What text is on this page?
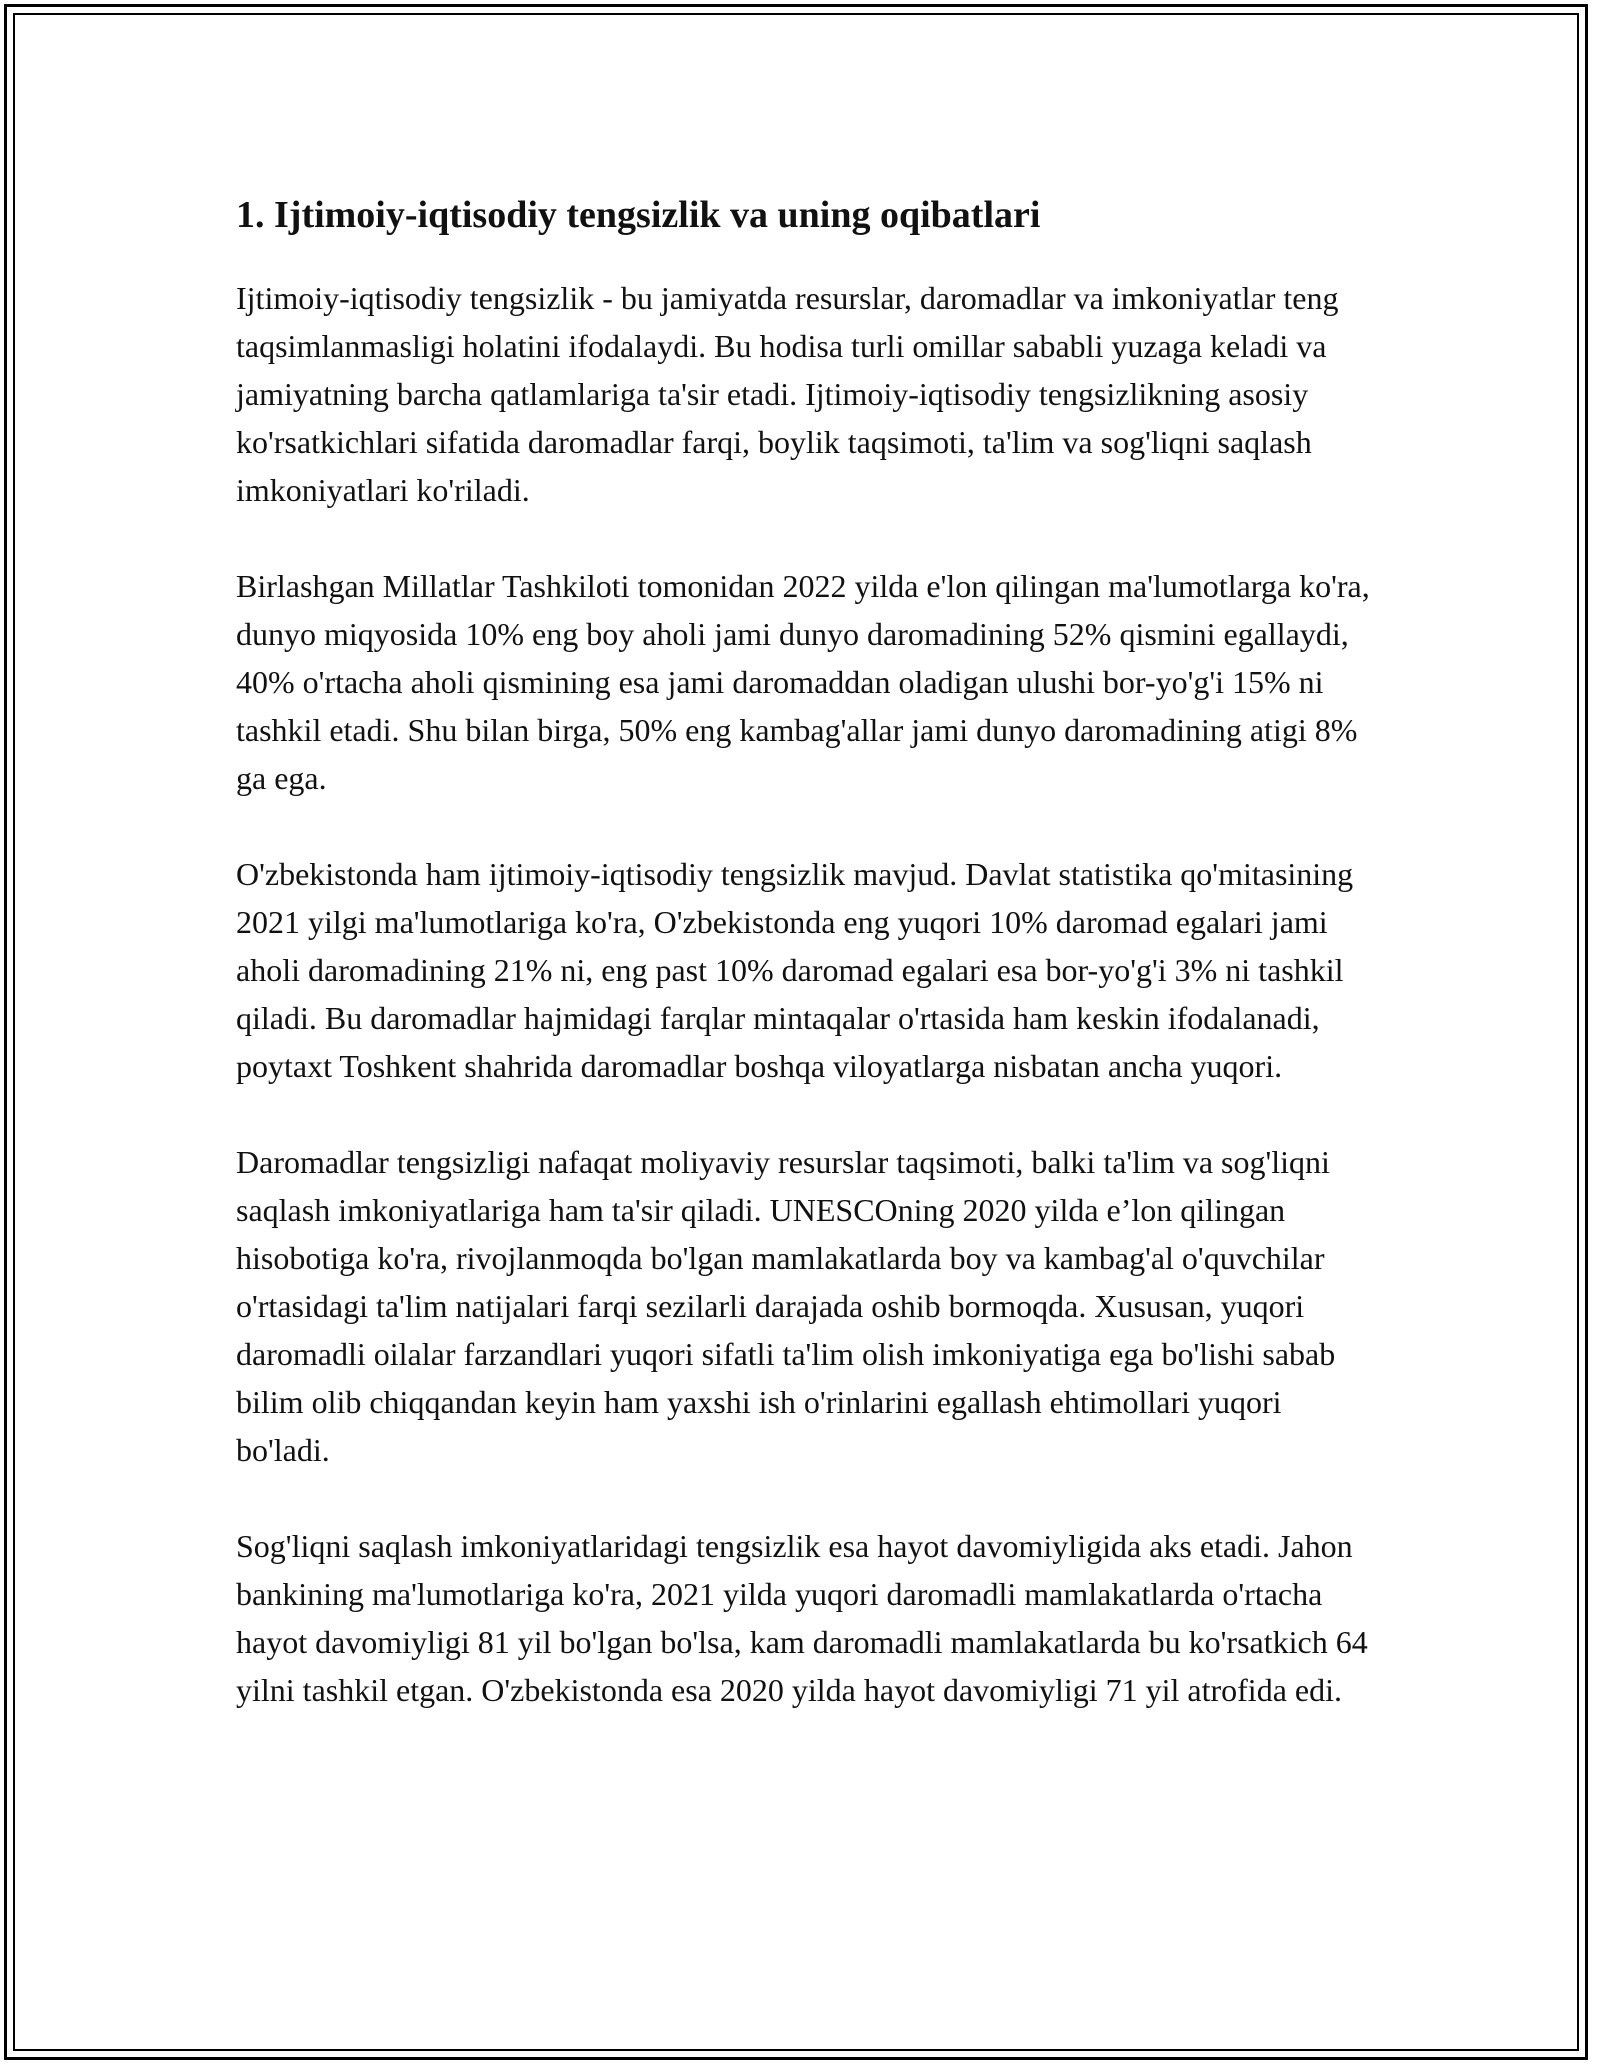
1. Ijtimoiy-iqtisodiy tengsizlik va uning oqibatlari

Ijtimoiy-iqtisodiy tengsizlik - bu jamiyatda resurslar, daromadlar va imkoniyatlar teng taqsimlanmasligi holatini ifodalaydi. Bu hodisa turli omillar sababli yuzaga keladi va jamiyatning barcha qatlamlariga ta'sir etadi. Ijtimoiy-iqtisodiy tengsizlikning asosiy ko'rsatkichlari sifatida daromadlar farqi, boylik taqsimoti, ta'lim va sog'liqni saqlash imkoniyatlari ko'riladi.

Birlashgan Millatlar Tashkiloti tomonidan 2022 yilda e'lon qilingan ma'lumotlarga ko'ra, dunyo miqyosida 10% eng boy aholi jami dunyo daromadining 52% qismini egallaydi, 40% o'rtacha aholi qismining esa jami daromaddan oladigan ulushi bor-yo'g'i 15% ni tashkil etadi. Shu bilan birga, 50% eng kambag'allar jami dunyo daromadining atigi 8% ga ega.

O'zbekistonda ham ijtimoiy-iqtisodiy tengsizlik mavjud. Davlat statistika qo'mitasining 2021 yilgi ma'lumotlariga ko'ra, O'zbekistonda eng yuqori 10% daromad egalari jami aholi daromadining 21% ni, eng past 10% daromad egalari esa bor-yo'g'i 3% ni tashkil qiladi. Bu daromadlar hajmidagi farqlar mintaqalar o'rtasida ham keskin ifodalanadi, poytaxt Toshkent shahrida daromadlar boshqa viloyatlarga nisbatan ancha yuqori.

Daromadlar tengsizligi nafaqat moliyaviy resurslar taqsimoti, balki ta'lim va sog'liqni saqlash imkoniyatlariga ham ta'sir qiladi. UNESCOning 2020 yilda e’lon qilingan hisobotiga ko'ra, rivojlanmoqda bo'lgan mamlakatlarda boy va kambag'al o'quvchilar o'rtasidagi ta'lim natijalari farqi sezilarli darajada oshib bormoqda. Xususan, yuqori daromadli oilalar farzandlari yuqori sifatli ta'lim olish imkoniyatiga ega bo'lishi sabab bilim olib chiqqandan keyin ham yaxshi ish o'rinlarini egallash ehtimollari yuqori bo'ladi.

Sog'liqni saqlash imkoniyatlaridagi tengsizlik esa hayot davomiyligida aks etadi. Jahon bankining ma'lumotlariga ko'ra, 2021 yilda yuqori daromadli mamlakatlarda o'rtacha hayot davomiyligi 81 yil bo'lgan bo'lsa, kam daromadli mamlakatlarda bu ko'rsatkich 64 yilni tashkil etgan. O'zbekistonda esa 2020 yilda hayot davomiyligi 71 yil atrofida edi.
